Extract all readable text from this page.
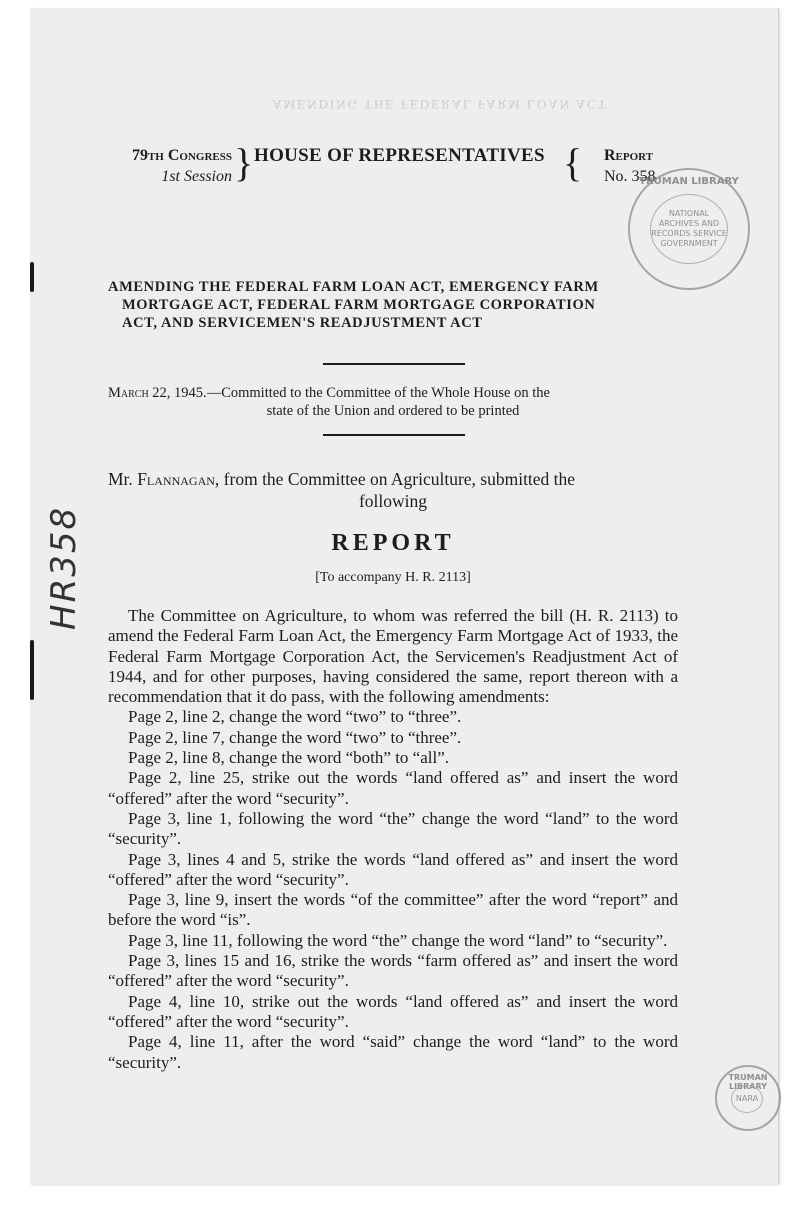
AMENDING THE FEDERAL FARM LOAN ACT
79th Congress
1st Session } HOUSE OF REPRESENTATIVES { Report
No. 358
AMENDING THE FEDERAL FARM LOAN ACT, EMERGENCY FARM
MORTGAGE ACT, FEDERAL FARM MORTGAGE CORPORATION
ACT, AND SERVICEMEN'S READJUSTMENT ACT
March 22, 1945.—Committed to the Committee of the Whole House on the
state of the Union and ordered to be printed
Mr. Flannagan, from the Committee on Agriculture, submitted the
following
REPORT
[To accompany H. R. 2113]

The Committee on Agriculture, to whom was referred the bill (H. R. 2113) to amend the Federal Farm Loan Act, the Emergency Farm Mortgage Act of 1933, the Federal Farm Mortgage Corporation Act, the Servicemen's Readjustment Act of 1944, and for other purposes, having considered the same, report thereon with a recommendation that it do pass, with the following amendments:

Page 2, line 2, change the word “two” to “three”.

Page 2, line 7, change the word “two” to “three”.

Page 2, line 8, change the word “both” to “all”.

Page 2, line 25, strike out the words “land offered as” and insert the word “offered” after the word “security”.

Page 3, line 1, following the word “the” change the word “land” to the word “security”.

Page 3, lines 4 and 5, strike the words “land offered as” and insert the word “offered” after the word “security”.

Page 3, line 9, insert the words “of the committee” after the word “report” and before the word “is”.

Page 3, line 11, following the word “the” change the word “land” to “security”.

Page 3, lines 15 and 16, strike the words “farm offered as” and insert the word “offered” after the word “security”.

Page 4, line 10, strike out the words “land offered as” and insert the word “offered” after the word “security”.

Page 4, line 11, after the word “said” change the word “land” to the word “security”.

HR358
TRUMAN LIBRARY
NATIONAL ARCHIVES AND RECORDS SERVICE
GOVERNMENT
TRUMAN LIBRARY
NARA
